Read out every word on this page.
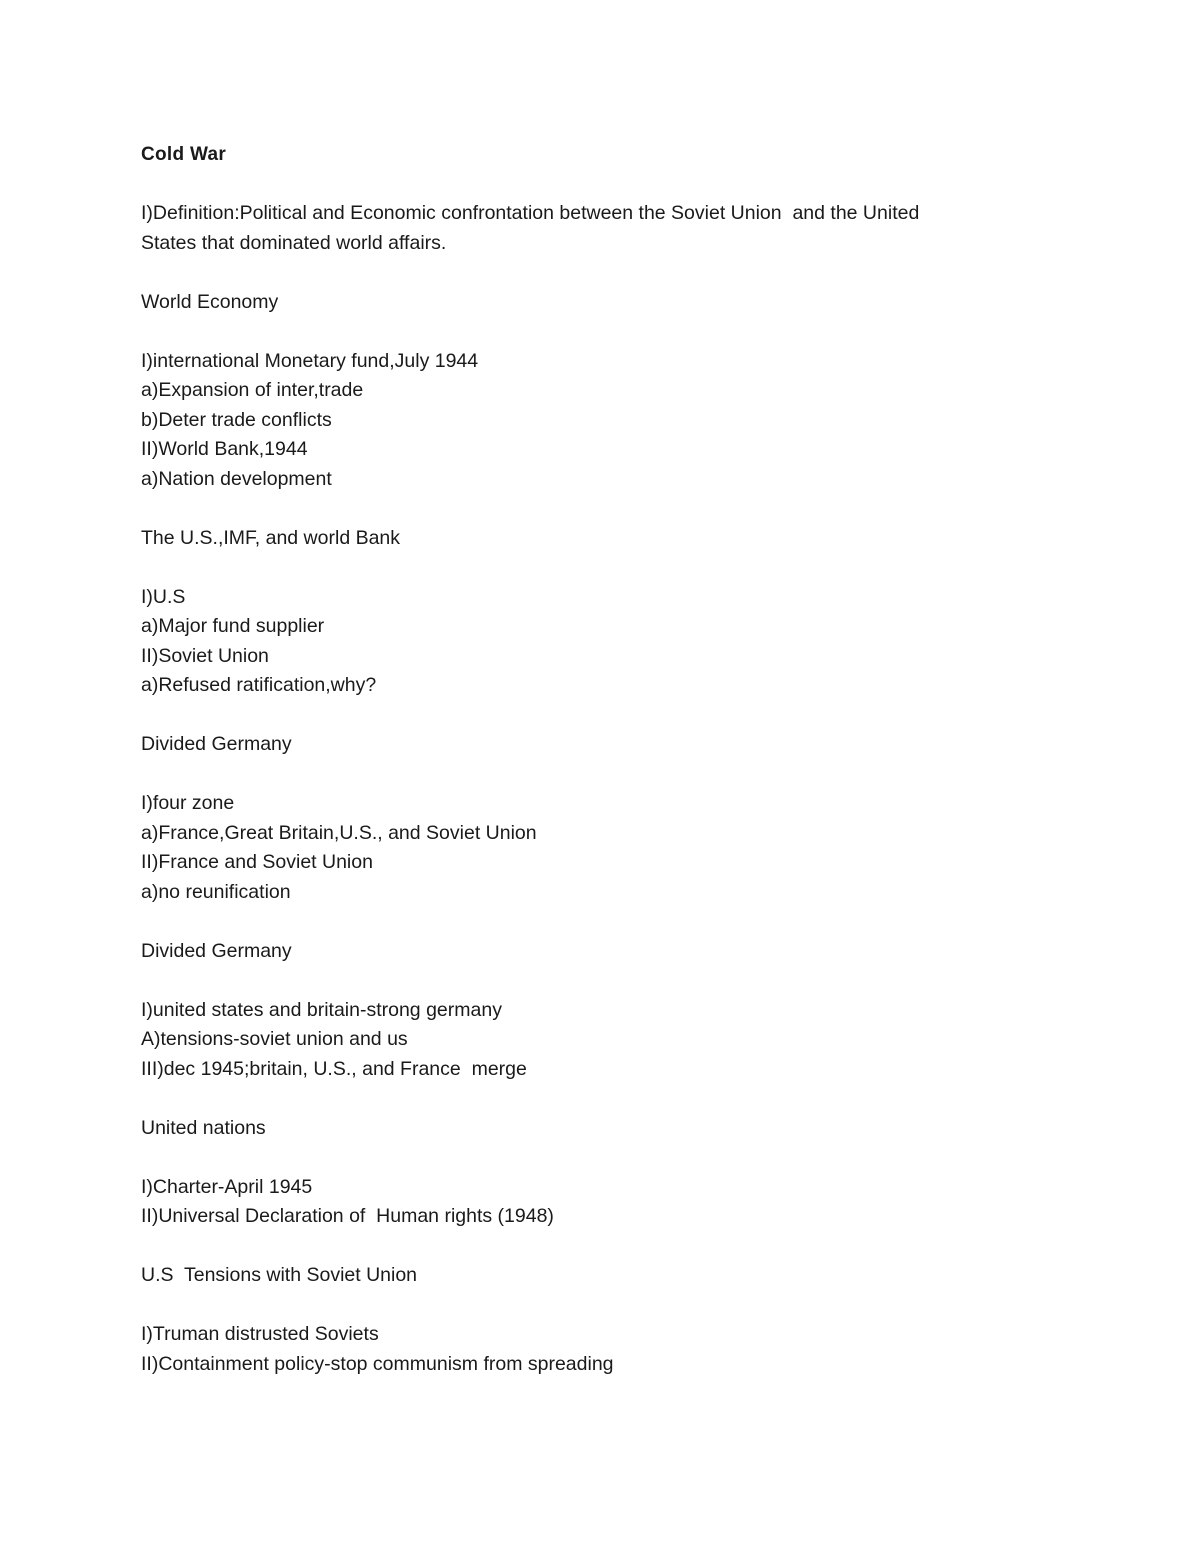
Cold War

I)Definition:Political and Economic confrontation between the Soviet Union  and the United

States that dominated world affairs.

World Economy

I)international Monetary fund,July 1944

a)Expansion of inter,trade

b)Deter trade conflicts

II)World Bank,1944

a)Nation development

The U.S.,IMF, and world Bank

I)U.S

a)Major fund supplier

II)Soviet Union

a)Refused ratification,why?

Divided Germany

I)four zone

a)France,Great Britain,U.S., and Soviet Union

II)France and Soviet Union

a)no reunification

Divided Germany

I)united states and britain-strong germany

A)tensions-soviet union and us

III)dec 1945;britain, U.S., and France  merge

United nations

I)Charter-April 1945

II)Universal Declaration of  Human rights (1948)

U.S  Tensions with Soviet Union

I)Truman distrusted Soviets

II)Containment policy-stop communism from spreading
